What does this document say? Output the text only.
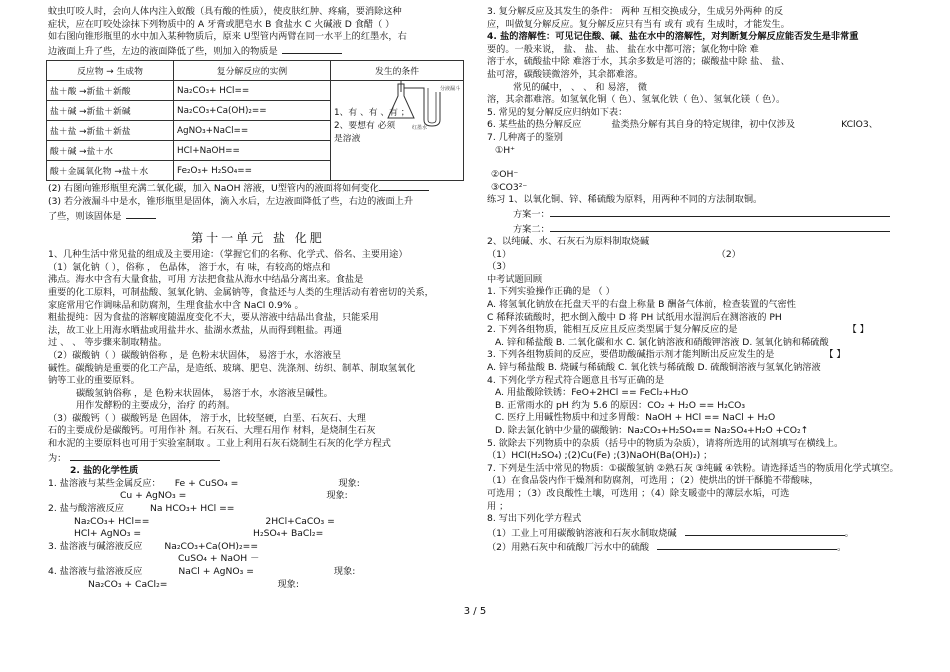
蚊虫叮咬人时，会向人体内注入蚁酸（具有酸的性质），使皮肤红肿、疼痛，要消除这种

症状，应在叮咬处涂抹下列物质中的 A 牙膏或肥皂水 B 食盐水 C 火碱液 D 食醋（ ）

如右图向锥形瓶里的水中加入某种物质后，原来 U型管内两臂在同一水平上的红墨水，右

边液面上升了些，左边的液面降低了些，则加入的物质是

反应物 → 生成物	复分解反应的实例	发生的条件
盐＋酸 →新盐＋新酸	Na₂CO₃+ HCl==	1、有 、有 、有 ；
2、要想有 必须
是溶液

盐＋碱 →新盐＋新碱	Na₂CO₃+Ca(OH)₂==	
盐＋盐 →新盐＋新盐	AgNO₃+NaCl==	
酸＋碱 →盐＋水	HCl+NaOH==	
酸＋金属氧化物 →盐＋水	Fe₂O₃+ H₂SO₄==	

(2) 右图向锥形瓶里充满二氧化碳，加入 NaOH 溶液，U型管内的液面将如何变化

(3) 若分液漏斗中是水，锥形瓶里是固体，滴入水后，左边液面降低了些，右边的液面上升

了些，则该固体是

第十一单元 盐 化肥

1、几种生活中常见盐的组成及主要用途：（掌握它们的名称、化学式、俗名、主要用途）

（1）氯化钠（ ），俗称 ， 色晶体， 溶于水，有 味，有较高的熔点和

沸点。海水中含有大量食盐，可用 方法把食盐从海水中结晶分离出来。食盐是

重要的化工原料，可制盐酸、氢氧化钠、金属钠等，食盐还与人类的生理活动有着密切的关系，

家庭常用它作调味品和防腐剂，生理食盐水中含 NaCl 0.9% 。

粗盐提纯：因为食盐的溶解度随温度变化不大，要从溶液中结晶出食盐，只能采用

法，故工业上用海水晒盐或用盐井水、盐湖水煮盐，从而得到粗盐。再通

过 、 、 等步骤来制取精盐。

（2）碳酸钠（ ）碳酸钠俗称 ，是 色粉末状固体， 易溶于水，水溶液呈

碱性。碳酸钠是重要的化工产品，是造纸、玻璃、肥皂、洗涤剂、纺织、制革、制取氢氧化

钠等工业的重要原料。

碳酸氢钠俗称 ，是 色粉末状固体， 易溶于水，水溶液呈碱性。

用作发酵粉的主要成分，治疗 的药剂。

（3）碳酸钙（ ）碳酸钙是 色固体， 溶于水，比较坚硬，白垩、石灰石、大理

石的主要成份是碳酸钙。可用作补 剂。石灰石、大理石用作 材料，是烧制生石灰

和水泥的主要原料也可用于实验室制取 。工业上利用石灰石烧制生石灰的化学方程式

为：

2. 盐的化学性质

1. 盐溶液与某些金属反应： Fe + CuSO₄ =	现象:

Cu + AgNO₃ =	现象:

2. 盐与酸溶液反应	Na HCO₃+ HCl ==

Na₂CO₃+ HCl==	2HCl+CaCO₃ =

HCl+ AgNO₃ =	H₂SO₄+ BaCl₂=

3. 盐溶液与碱溶液反应 Na₂CO₃+Ca(OH)₂==

CuSO₄ + NaOH －

4. 盐溶液与盐溶液反应	NaCl + AgNO₃ =	现象:

Na₂CO₃ + CaCl₂=	现象:

分液漏斗
红墨水

3. 复分解反应及其发生的条件： 两种 互相交换成分，生成另外两种 的反

应，叫做复分解反应。复分解反应只有当有 或有 或有 生成时，才能发生。

4. 盐的溶解性：可见记住酸、碱、盐在水中的溶解性，对判断复分解反应能否发生是非常重

要的。一般来说， 盐、 盐、 盐、 盐在水中都可溶；氯化物中除 难

溶于水，硫酸盐中除 难溶于水，其余多数是可溶的；碳酸盐中除 盐、 盐、

盐可溶，碳酸镁微溶外，其余都难溶。

常见的碱中， 、 、 和 易溶， 微

溶，其余都难溶。如氢氧化铜（ 色）、氢氧化铁（ 色）、氢氧化镁（ 色）。

5. 常见的复分解反应归纳如下表：

6. 某些盐的热分解反应	盐类热分解有其自身的特定规律，初中仅涉及	KClO3、

7. 几种离子的鉴别

①H⁺

②OH⁻

③CO3²⁻

练习 1、以氧化铜、锌、稀硫酸为原料，用两种不同的方法制取铜。

方案一：

方案二：

2、以纯碱、水、石灰石为原料制取烧碱

（1）	（2）

（3）

中考试题回顾

1. 下列实验操作正确的是 （ ）

A. 将氢氧化钠放在托盘天平的右盘上称量 B 酬备气体前，检查装置的气密性

C 稀释浓硫酸时，把水倒入酸中 D 将 PH 试纸用水湿润后在测溶液的 PH

2. 下列各组物质，能相互反应且反应类型属于复分解反应的是	【 】

A. 锌和稀盐酸 B. 二氧化碳和水 C. 氯化钠溶液和硝酸钾溶液 D. 氢氧化钠和稀硫酸

3. 下列各组物质间的反应，要借助酸碱指示剂才能判断出反应发生的是	【 】

A. 锌与稀盐酸 B. 烧碱与稀硫酸 C. 氧化铁与稀硫酸 D. 硫酸铜溶液与氢氧化钠溶液

4. 下列化学方程式符合题意且书写正确的是

A. 用盐酸除铁锈：FeO+2HCl == FeCl₂+H₂O

B. 正常雨水的 pH 约为 5.6 的原因：CO₂ + H₂O == H₂CO₃

C. 医疗上用碱性物质中和过多胃酸：NaOH + HCl == NaCl + H₂O

D. 除去氯化钠中少量的碳酸钠：Na₂CO₃+H₂SO₄== Na₂SO₄+H₂O +CO₂↑

5. 欲除去下列物质中的杂质（括号中的物质为杂质），请将所选用的试剂填写在横线上。

（1）HCl(H₂SO₄) ;(2)Cu(Fe) ;(3)NaOH(Ba(OH)₂) ；

7. 下列是生活中常见的物质：①碳酸氢钠 ②熟石灰 ③纯碱 ④铁粉。请选择适当的物质用化学式填空。

（1）在食品袋内作干燥剂和防腐剂，可选用 ；（2）使烘出的饼干酥脆不带酸味，

可选用 ；（3）改良酸性土壤，可选用 ；（4）除支暖壶中的薄层水垢，可选

用 ；

8. 写出下列化学方程式

（1）工业上可用碳酸钠溶液和石灰水制取烧碱	。

（2）用熟石灰中和硫酸厂污水中的硫酸	。

3 / 5
